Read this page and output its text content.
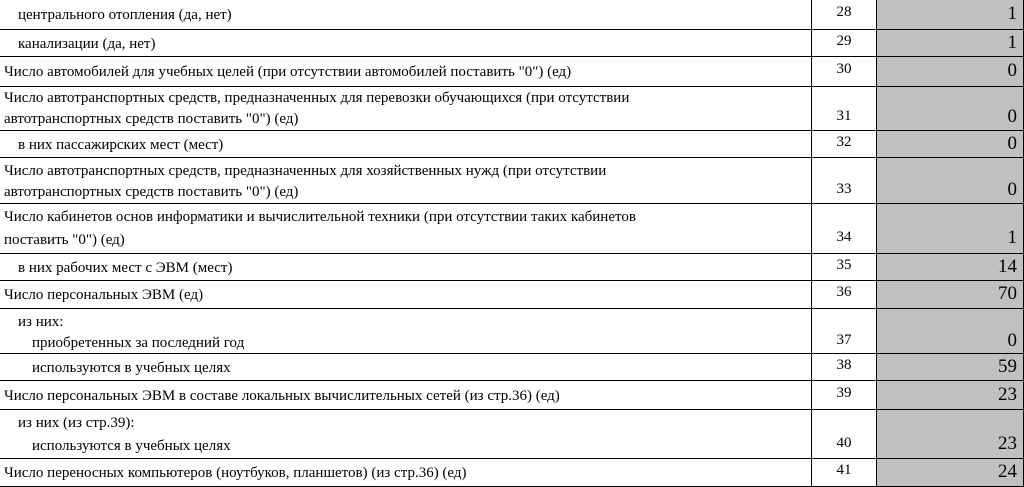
центрального отопления (да, нет)	28	1
канализации (да, нет)	29	1
Число автомобилей для учебных целей (при отсутствии автомобилей поставить "0") (ед)	30	0
Число автотранспортных средств, предназначенных для перевозки обучающихся (при отсутствии
автотранспортных средств поставить "0") (ед)	31	0
в них пассажирских мест (мест)	32	0
Число автотранспортных средств, предназначенных для хозяйственных нужд (при отсутствии
автотранспортных средств поставить "0") (ед)	33	0
Число кабинетов основ информатики и вычислительной техники (при отсутствии таких кабинетов
поставить "0") (ед)	34	1
в них рабочих мест с ЭВМ (мест)	35	14
Число персональных ЭВМ (ед)	36	70
из них:
приобретенных за последний год	37	0
используются в учебных целях	38	59
Число персональных ЭВМ в составе локальных вычислительных сетей (из стр.36) (ед)	39	23
из них (из стр.39):
используются в учебных целях	40	23
Число переносных компьютеров (ноутбуков, планшетов) (из стр.36) (ед)	41	24
